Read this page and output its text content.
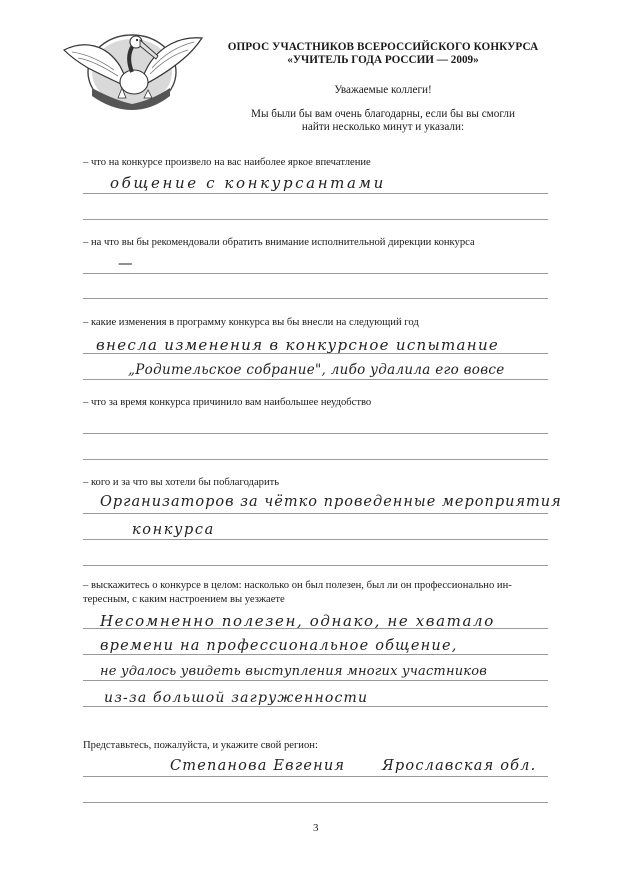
ОПРОС УЧАСТНИКОВ ВСЕРОССИЙСКОГО КОНКУРСА
«УЧИТЕЛЬ ГОДА РОССИИ — 2009»
Уважаемые коллеги!
Мы были бы вам очень благодарны, если бы вы смогли
найти несколько минут и указали:
– что на конкурсе произвело на вас наиболее яркое впечатление
общение с конкурсантами
– на что вы бы рекомендовали обратить внимание исполнительной дирекции конкурса
—
– какие изменения в программу конкурса вы бы внесли на следующий год
внесла изменения в конкурсное испытание
„Родительское собрание", либо удалила его вовсе
– что за время конкурса причинило вам наибольшее неудобство
– кого и за что вы хотели бы поблагодарить
Организаторов за чётко проведенные мероприятия
конкурса
– выскажитесь о конкурсе в целом: насколько он был полезен, был ли он профессионально ин-
тересным, с каким настроением вы уезжаете
Несомненно полезен, однако, не хватало
времени на профессиональное общение,
не удалось увидеть выступления многих участников
из-за большой загруженности
Представьтесь, пожалуйста, и укажите свой регион:
Степанова Евгения	Ярославская обл.
3
